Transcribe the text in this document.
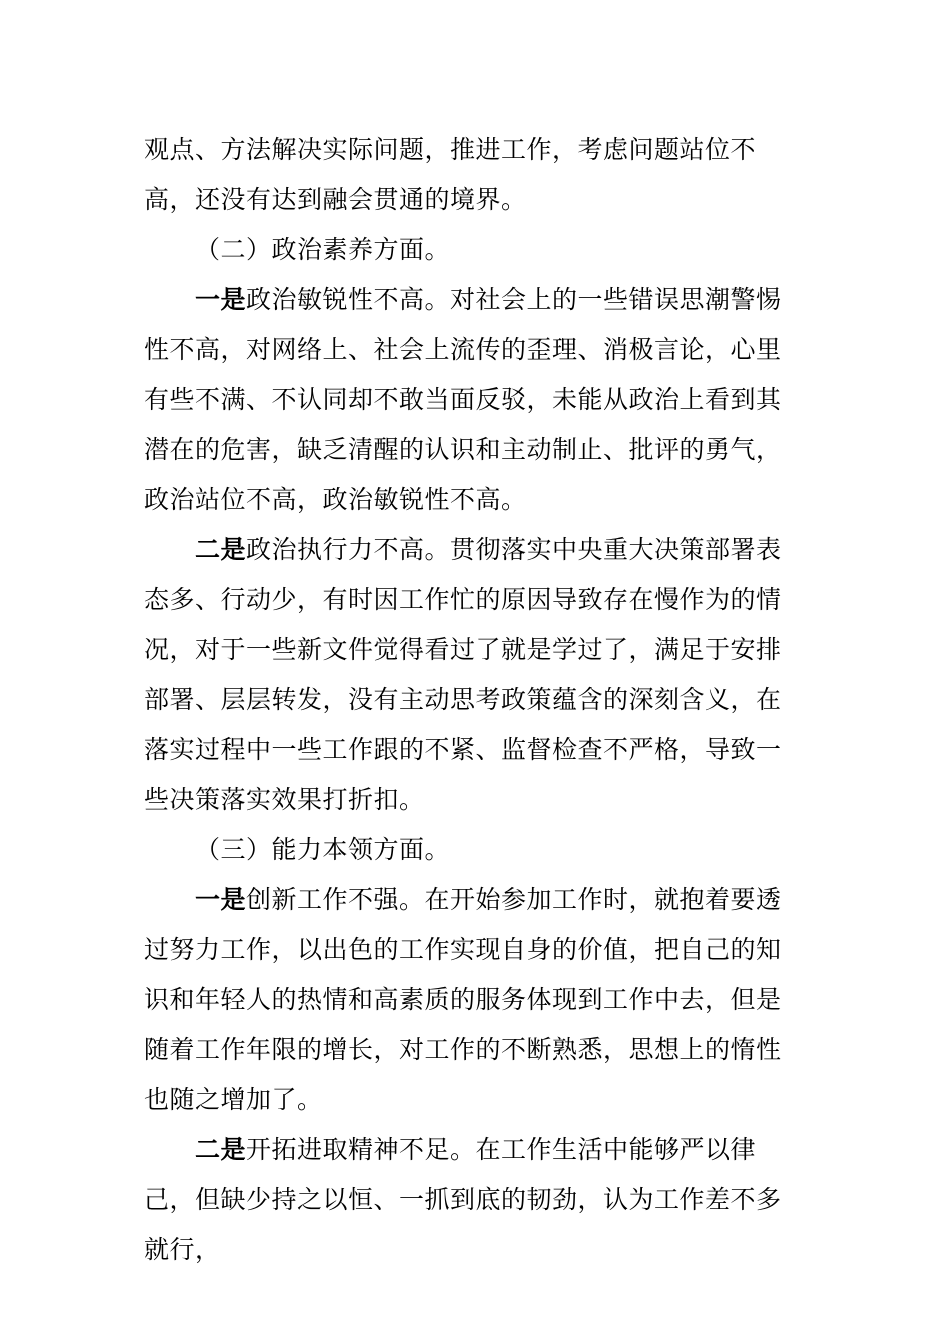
观点、方法解决实际问题，推进工作，考虑问题站位不高，还没有达到融会贯通的境界。

（二）政治素养方面。

一是政治敏锐性不高。对社会上的一些错误思潮警惕性不高，对网络上、社会上流传的歪理、消极言论，心里有些不满、不认同却不敢当面反驳，未能从政治上看到其潜在的危害，缺乏清醒的认识和主动制止、批评的勇气，政治站位不高，政治敏锐性不高。

二是政治执行力不高。贯彻落实中央重大决策部署表态多、行动少，有时因工作忙的原因导致存在慢作为的情况，对于一些新文件觉得看过了就是学过了，满足于安排部署、层层转发，没有主动思考政策蕴含的深刻含义，在落实过程中一些工作跟的不紧、监督检查不严格，导致一些决策落实效果打折扣。

（三）能力本领方面。

一是创新工作不强。在开始参加工作时，就抱着要透过努力工作，以出色的工作实现自身的价值，把自己的知识和年轻人的热情和高素质的服务体现到工作中去，但是随着工作年限的增长，对工作的不断熟悉，思想上的惰性也随之增加了。

二是开拓进取精神不足。在工作生活中能够严以律己，但缺少持之以恒、一抓到底的韧劲，认为工作差不多就行，
